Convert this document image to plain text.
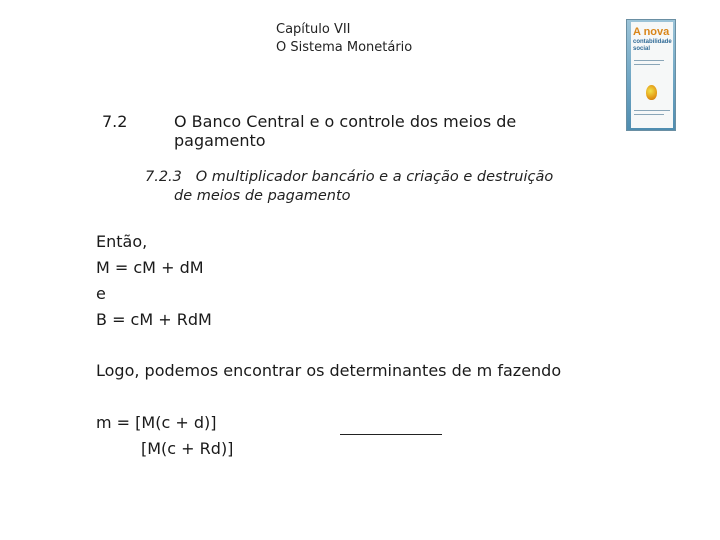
Capítulo VII
O Sistema Monetário
A nova
contabilidade
social
7.2	O Banco Central e o controle dos meios de pagamento
7.2.3 O multiplicador bancário e a criação e destruição
de meios de pagamento
Então,
M = cM + dM
e
B = cM + RdM
Logo, podemos encontrar os determinantes de m fazendo
m = [M(c + d)]
[M(c + Rd)]
